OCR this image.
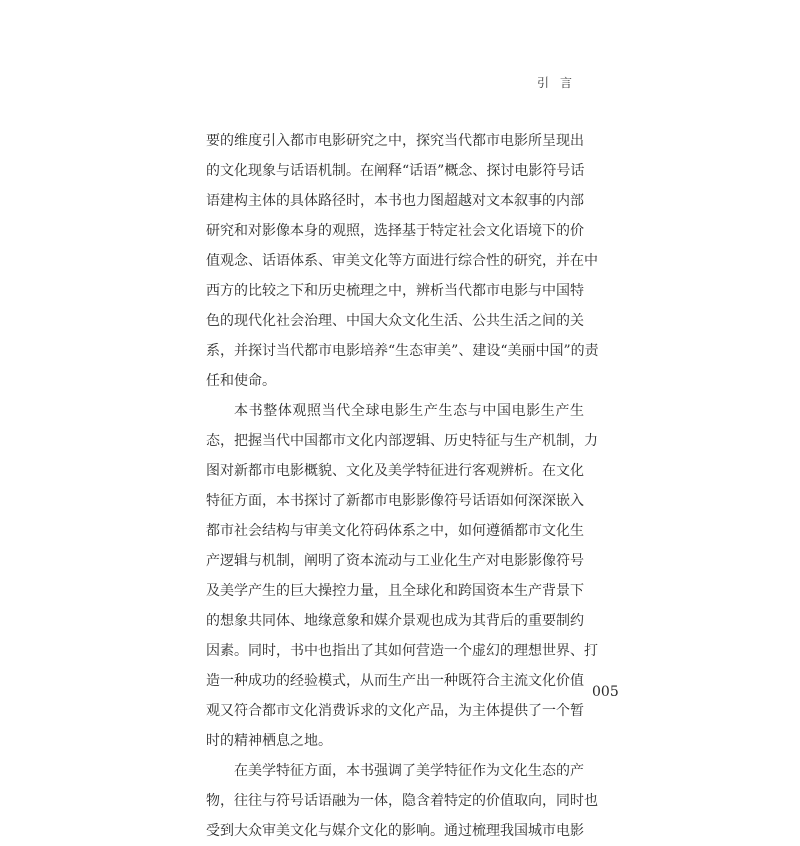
引言
要的维度引入都市电影研究之中，探究当代都市电影所呈现出
的文化现象与话语机制。在阐释“话语”概念、探讨电影符号话
语建构主体的具体路径时，本书也力图超越对文本叙事的内部
研究和对影像本身的观照，选择基于特定社会文化语境下的价
值观念、话语体系、审美文化等方面进行综合性的研究，并在中
西方的比较之下和历史梳理之中，辨析当代都市电影与中国特
色的现代化社会治理、中国大众文化生活、公共生活之间的关
系，并探讨当代都市电影培养“生态审美”、建设“美丽中国”的责
任和使命。
本书整体观照当代全球电影生产生态与中国电影生产生
态，把握当代中国都市文化内部逻辑、历史特征与生产机制，力
图对新都市电影概貌、文化及美学特征进行客观辨析。在文化
特征方面，本书探讨了新都市电影影像符号话语如何深深嵌入
都市社会结构与审美文化符码体系之中，如何遵循都市文化生
产逻辑与机制，阐明了资本流动与工业化生产对电影影像符号
及美学产生的巨大操控力量，且全球化和跨国资本生产背景下
的想象共同体、地缘意象和媒介景观也成为其背后的重要制约
因素。同时，书中也指出了其如何营造一个虚幻的理想世界、打
造一种成功的经验模式，从而生产出一种既符合主流文化价值
观又符合都市文化消费诉求的文化产品，为主体提供了一个暂
时的精神栖息之地。
在美学特征方面，本书强调了美学特征作为文化生态的产
物，往往与符号话语融为一体，隐含着特定的价值取向，同时也
受到大众审美文化与媒介文化的影响。通过梳理我国城市电影
005
